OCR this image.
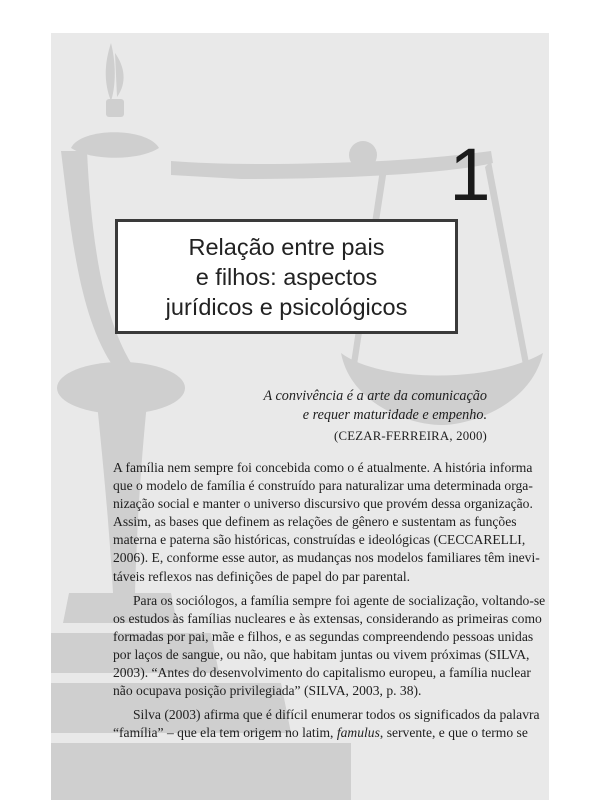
1
Relação entre pais
e filhos: aspectos
jurídicos e psicológicos
A convivência é a arte da comunicação
e requer maturidade e empenho.
(CEZAR-FERREIRA, 2000)

A família nem sempre foi concebida como o é atualmente. A história informa
que o modelo de família é construído para naturalizar uma determinada orga-
nização social e manter o universo discursivo que provém dessa organização.
Assim, as bases que definem as relações de gênero e sustentam as funções
materna e paterna são históricas, construídas e ideológicas (CECCARELLI,
2006). E, conforme esse autor, as mudanças nos modelos familiares têm inevi-
táveis reflexos nas definições de papel do par parental.

Para os sociólogos, a família sempre foi agente de socialização, voltando-se
os estudos às famílias nucleares e às extensas, considerando as primeiras como
formadas por pai, mãe e filhos, e as segundas compreendendo pessoas unidas
por laços de sangue, ou não, que habitam juntas ou vivem próximas (SILVA,
2003). “Antes do desenvolvimento do capitalismo europeu, a família nuclear
não ocupava posição privilegiada” (SILVA, 2003, p. 38).

Silva (2003) afirma que é difícil enumerar todos os significados da palavra
“família” – que ela tem origem no latim, famulus, servente, e que o termo se
